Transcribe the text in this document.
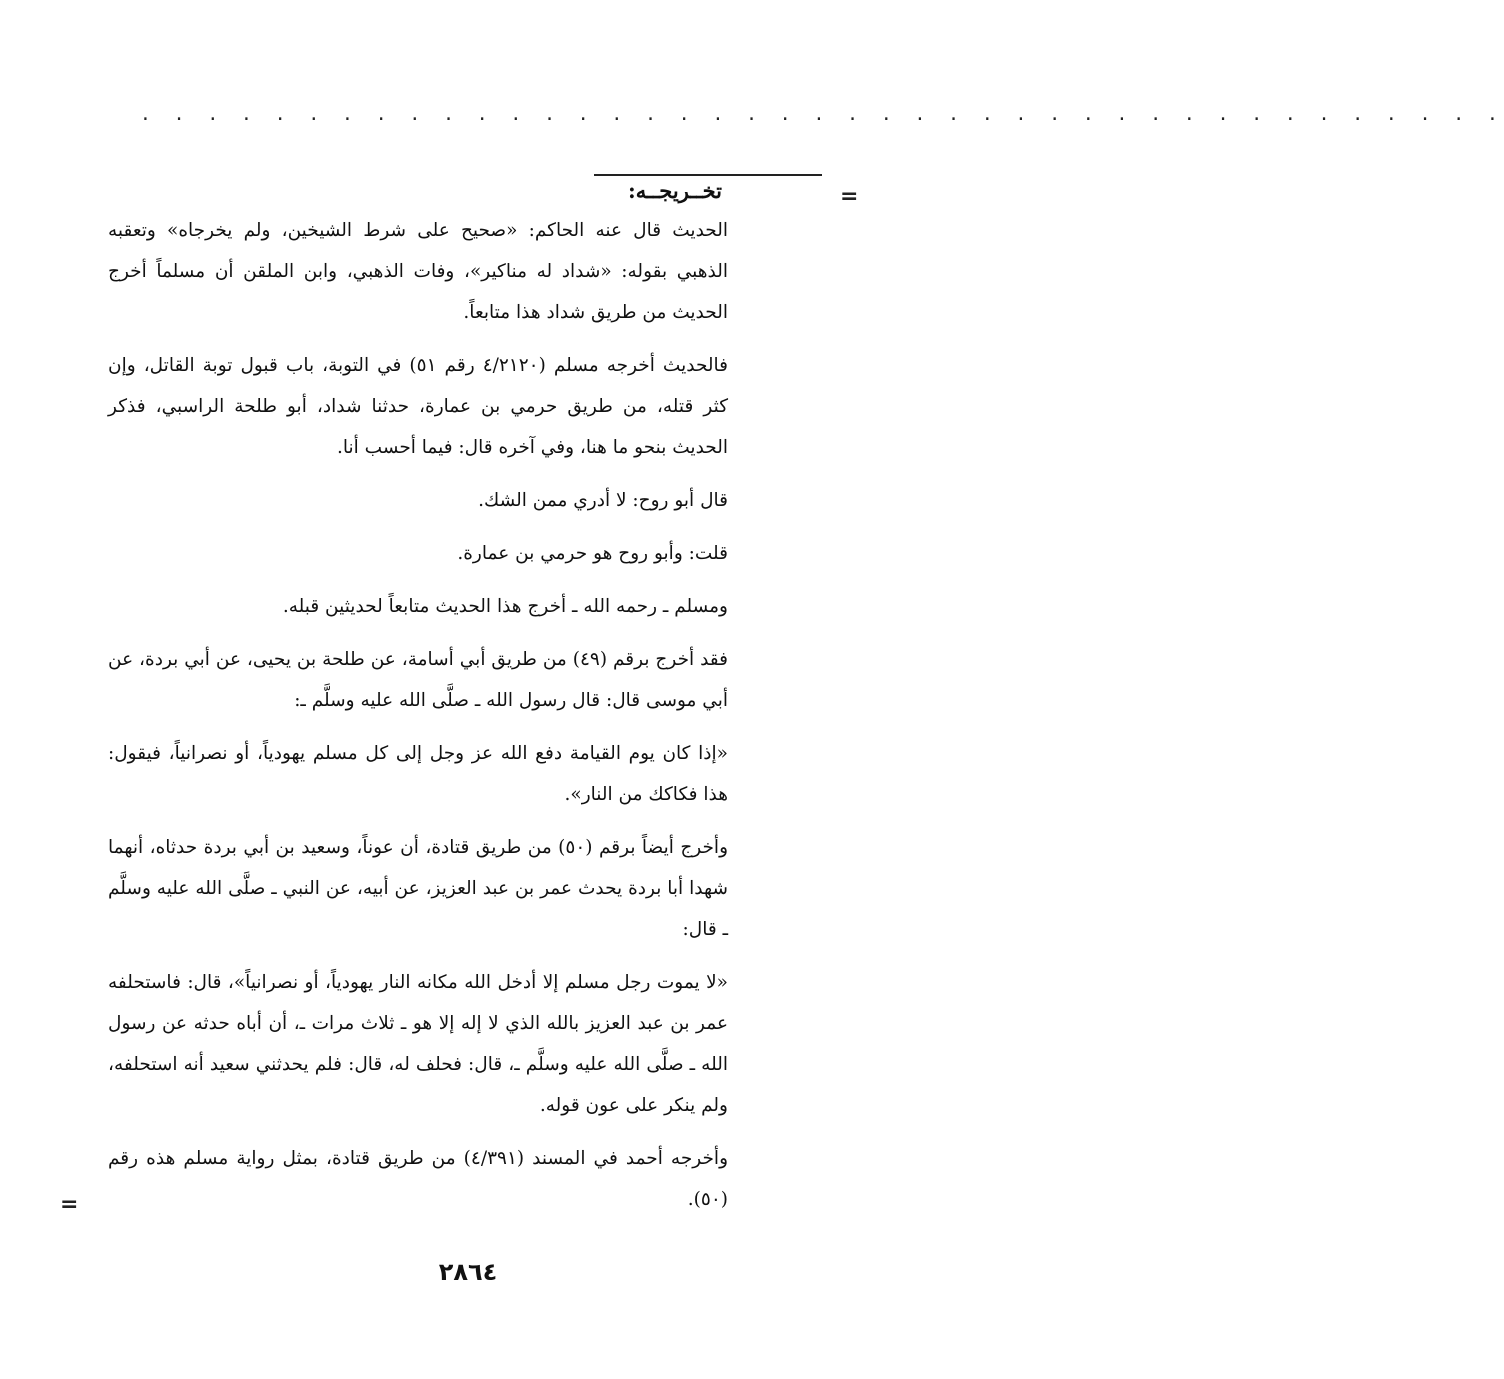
. . . . . . . . . . . . . . . . . . . . . . . . . . . . . . . . . . . . . . . . .
=
=
تخــريجــه:

الحديث قال عنه الحاكم: «صحيح على شرط الشيخين، ولم يخرجاه» وتعقبه الذهبي بقوله: «شداد له مناكير»، وفات الذهبي، وابن الملقن أن مسلماً أخرج الحديث من طريق شداد هذا متابعاً.

فالحديث أخرجه مسلم (٤/٢١٢٠ رقم ٥١) في التوبة، باب قبول توبة القاتل، وإن كثر قتله، من طريق حرمي بن عمارة، حدثنا شداد، أبو طلحة الراسبي، فذكر الحديث بنحو ما هنا، وفي آخره قال: فيما أحسب أنا.

قال أبو روح: لا أدري ممن الشك.

قلت: وأبو روح هو حرمي بن عمارة.

ومسلم ـ رحمه الله ـ أخرج هذا الحديث متابعاً لحديثين قبله.

فقد أخرج برقم (٤٩) من طريق أبي أسامة، عن طلحة بن يحيى، عن أبي بردة، عن أبي موسى قال: قال رسول الله ـ صلَّى الله عليه وسلَّم ـ:

«إذا كان يوم القيامة دفع الله عز وجل إلى كل مسلم يهودياً، أو نصرانياً، فيقول: هذا فكاكك من النار».

وأخرج أيضاً برقم (٥٠) من طريق قتادة، أن عوناً، وسعيد بن أبي بردة حدثاه، أنهما شهدا أبا بردة يحدث عمر بن عبد العزيز، عن أبيه، عن النبي ـ صلَّى الله عليه وسلَّم ـ قال:

«لا يموت رجل مسلم إلا أدخل الله مكانه النار يهودياً، أو نصرانياً»، قال: فاستحلفه عمر بن عبد العزيز بالله الذي لا إله إلا هو ـ ثلاث مرات ـ، أن أباه حدثه عن رسول الله ـ صلَّى الله عليه وسلَّم ـ، قال: فحلف له، قال: فلم يحدثني سعيد أنه استحلفه، ولم ينكر على عون قوله.

وأخرجه أحمد في المسند (٤/٣٩١) من طريق قتادة، بمثل رواية مسلم هذه رقم (٥٠).

٢٨٦٤
